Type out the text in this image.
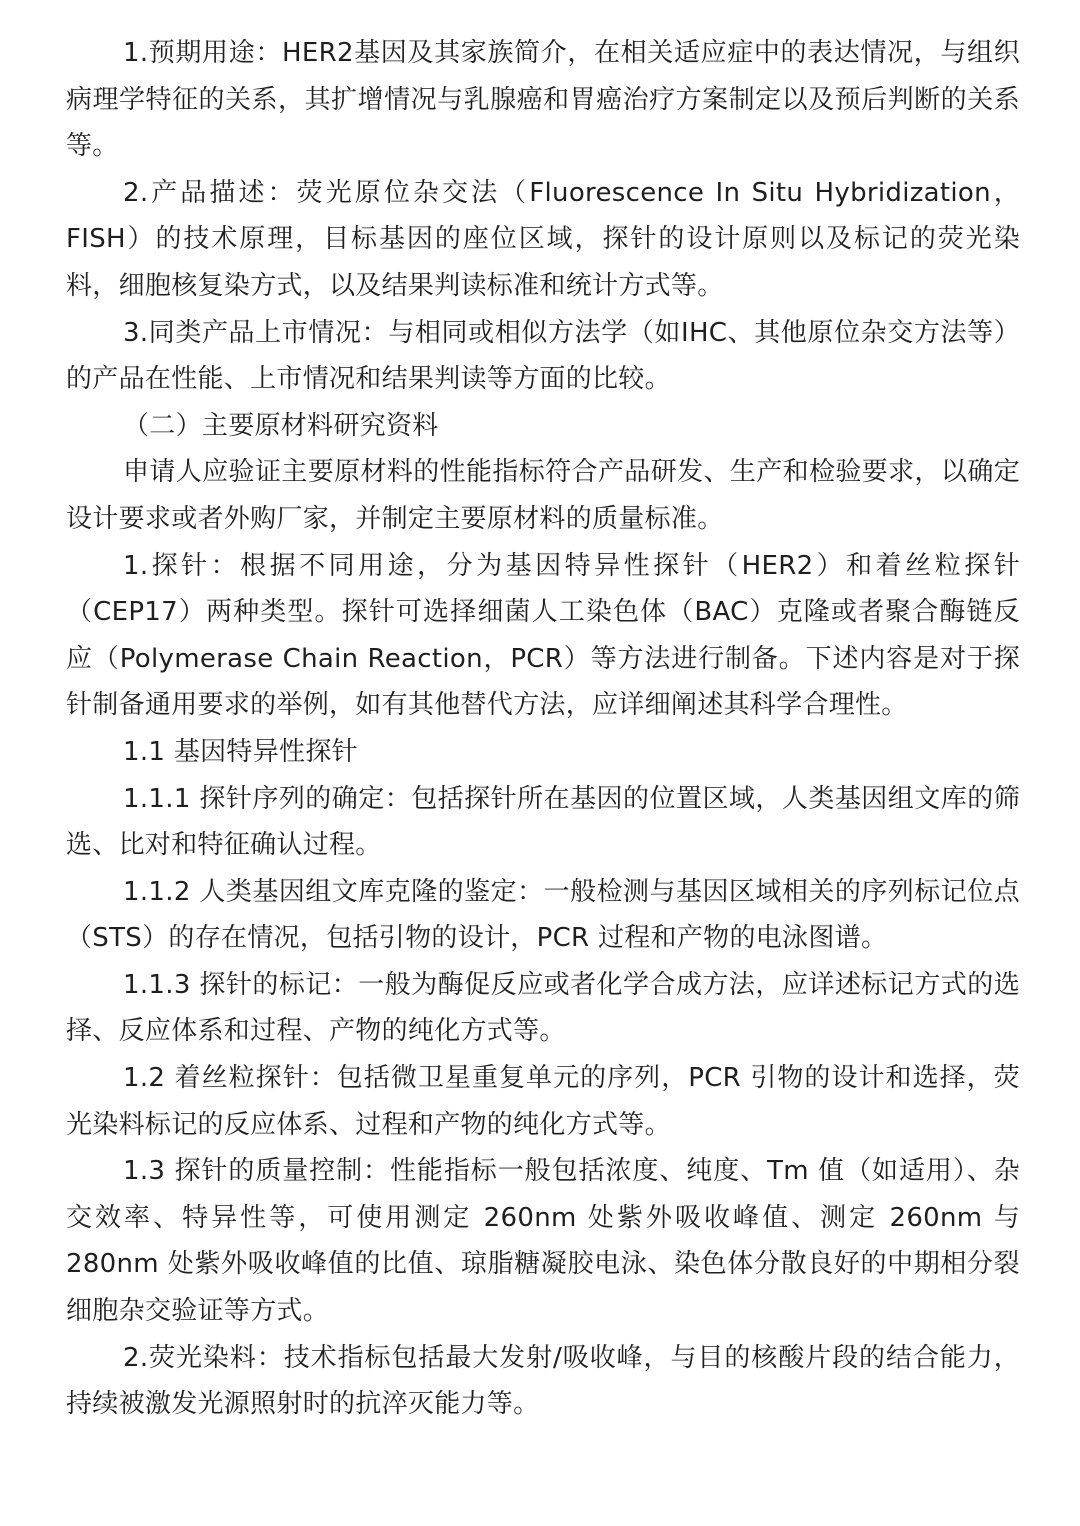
1.预期用途：HER2基因及其家族简介，在相关适应症中的表达情况，与组织病理学特征的关系，其扩增情况与乳腺癌和胃癌治疗方案制定以及预后判断的关系等。

2.产品描述：荧光原位杂交法（Fluorescence In Situ Hybridization，FISH）的技术原理，目标基因的座位区域，探针的设计原则以及标记的荧光染料，细胞核复染方式，以及结果判读标准和统计方式等。

3.同类产品上市情况：与相同或相似方法学（如IHC、其他原位杂交方法等）的产品在性能、上市情况和结果判读等方面的比较。

（二）主要原材料研究资料

申请人应验证主要原材料的性能指标符合产品研发、生产和检验要求，以确定设计要求或者外购厂家，并制定主要原材料的质量标准。

1.探针：根据不同用途，分为基因特异性探针（HER2）和着丝粒探针（CEP17）两种类型。探针可选择细菌人工染色体（BAC）克隆或者聚合酶链反应（Polymerase Chain Reaction，PCR）等方法进行制备。下述内容是对于探针制备通用要求的举例，如有其他替代方法，应详细阐述其科学合理性。

1.1 基因特异性探针

1.1.1 探针序列的确定：包括探针所在基因的位置区域，人类基因组文库的筛选、比对和特征确认过程。

1.1.2 人类基因组文库克隆的鉴定：一般检测与基因区域相关的序列标记位点（STS）的存在情况，包括引物的设计，PCR 过程和产物的电泳图谱。

1.1.3 探针的标记：一般为酶促反应或者化学合成方法，应详述标记方式的选择、反应体系和过程、产物的纯化方式等。

1.2 着丝粒探针：包括微卫星重复单元的序列，PCR 引物的设计和选择，荧光染料标记的反应体系、过程和产物的纯化方式等。

1.3 探针的质量控制：性能指标一般包括浓度、纯度、Tm 值（如适用）、杂交效率、特异性等，可使用测定 260nm 处紫外吸收峰值、测定 260nm 与 280nm 处紫外吸收峰值的比值、琼脂糖凝胶电泳、染色体分散良好的中期相分裂细胞杂交验证等方式。

2.荧光染料：技术指标包括最大发射/吸收峰，与目的核酸片段的结合能力，持续被激发光源照射时的抗淬灭能力等。
